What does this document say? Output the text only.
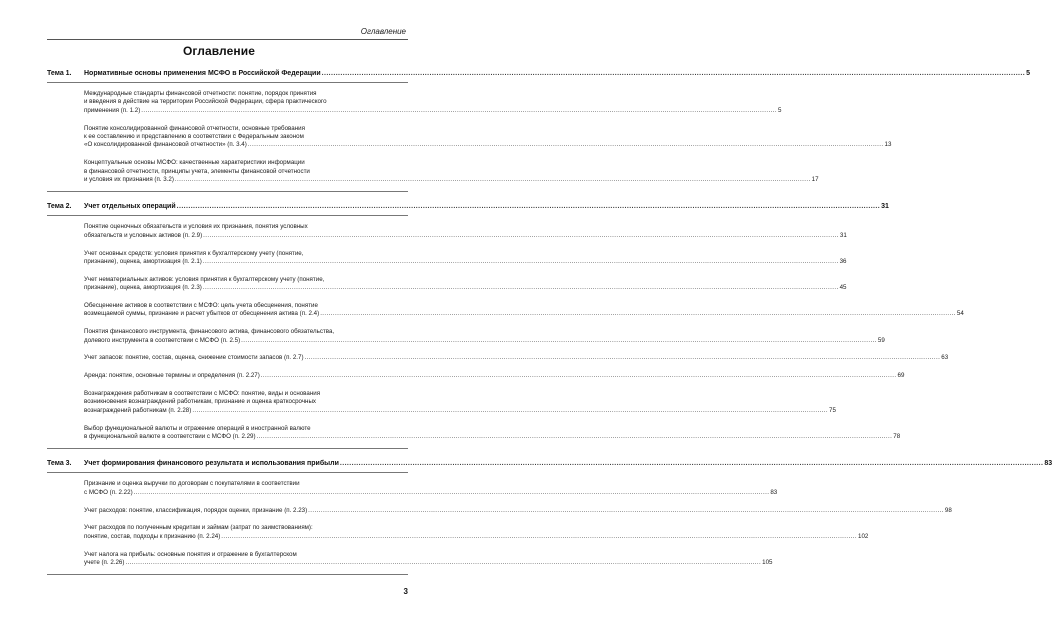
Оглавление
Оглавление
Тема 1.	Нормативные основы применения МСФО в Российской Федерации ............................................................................................................................................................................................................................................................................................................ 5
Международные стандарты финансовой отчетности: понятие, порядок принятия
и введения в действие на территории Российской Федерации, сфера практического
применения (п. 1.2) ............................................................................................................................................................................................................................................................................................................ 5
Понятие консолидированной финансовой отчетности, основные требования
к ее составлению и представлению в соответствии с Федеральным законом
«О консолидированной финансовой отчетности» (п. 3.4) ............................................................................................................................................................................................................................................................................................................ 13
Концептуальные основы МСФО: качественные характеристики информации
в финансовой отчетности, принципы учета, элементы финансовой отчетности
и условия их признания (п. 3.2) ............................................................................................................................................................................................................................................................................................................ 17
Тема 2.	Учет отдельных операций ............................................................................................................................................................................................................................................................................................................ 31
Понятие оценочных обязательств и условия их признания, понятия условных
обязательств и условных активов (п. 2.9) ............................................................................................................................................................................................................................................................................................................ 31
Учет основных средств: условия принятия к бухгалтерскому учету (понятие,
признание), оценка, амортизация (п. 2.1) ............................................................................................................................................................................................................................................................................................................ 36
Учет нематериальных активов: условия принятия к бухгалтерскому учету (понятие,
признание), оценка, амортизация (п. 2.3) ............................................................................................................................................................................................................................................................................................................ 45
Обесценение активов в соответствии с МСФО: цель учета обесценения, понятие
возмещаемой суммы, признание и расчет убытков от обесценения актива (п. 2.4) ............................................................................................................................................................................................................................................................................................................ 54
Понятия финансового инструмента, финансового актива, финансового обязательства,
долевого инструмента в соответствии с МСФО (п. 2.5) ............................................................................................................................................................................................................................................................................................................ 59
Учет запасов: понятие, состав, оценка, снижение стоимости запасов (п. 2.7) ............................................................................................................................................................................................................................................................................................................ 63
Аренда: понятие, основные термины и определения (п. 2.27) ............................................................................................................................................................................................................................................................................................................ 69
Вознаграждения работникам в соответствии с МСФО: понятие, виды и основания
возникновения вознаграждений работникам, признание и оценка краткосрочных
вознаграждений работникам (п. 2.28) ............................................................................................................................................................................................................................................................................................................ 75
Выбор функциональной валюты и отражение операций в иностранной валюте
в функциональной валюте в соответствии с МСФО (п. 2.29) ............................................................................................................................................................................................................................................................................................................ 78
Тема 3.	Учет формирования финансового результата и использования прибыли ............................................................................................................................................................................................................................................................................................................ 83
Признание и оценка выручки по договорам с покупателями в соответствии
с МСФО (п. 2.22) ............................................................................................................................................................................................................................................................................................................ 83
Учет расходов: понятие, классификация, порядок оценки, признание (п. 2.23) ............................................................................................................................................................................................................................................................................................................ 98
Учет расходов по полученным кредитам и займам (затрат по заимствованиям):
понятие, состав, подходы к признанию (п. 2.24) ............................................................................................................................................................................................................................................................................................................ 102
Учет налога на прибыль: основные понятия и отражение в бухгалтерском
учете (п. 2.26) ............................................................................................................................................................................................................................................................................................................ 105
3
